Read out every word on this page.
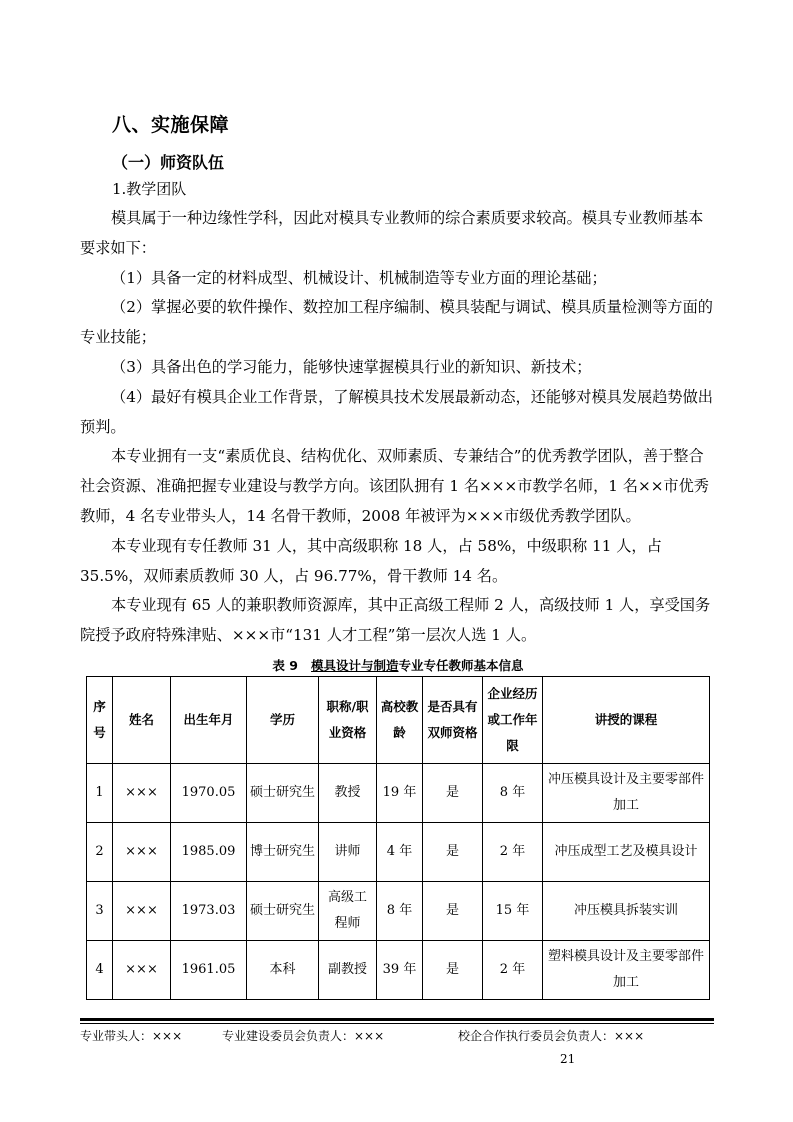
八、实施保障
（一）师资队伍
1.教学团队

模具属于一种边缘性学科，因此对模具专业教师的综合素质要求较高。模具专业教师基本要求如下：

（1）具备一定的材料成型、机械设计、机械制造等专业方面的理论基础；

（2）掌握必要的软件操作、数控加工程序编制、模具装配与调试、模具质量检测等方面的专业技能；

（3）具备出色的学习能力，能够快速掌握模具行业的新知识、新技术；

（4）最好有模具企业工作背景，了解模具技术发展最新动态，还能够对模具发展趋势做出预判。

本专业拥有一支“素质优良、结构优化、双师素质、专兼结合”的优秀教学团队，善于整合社会资源、准确把握专业建设与教学方向。该团队拥有 1 名×××市教学名师，1 名××市优秀教师，4 名专业带头人，14 名骨干教师，2008 年被评为×××市级优秀教学团队。

本专业现有专任教师 31 人，其中高级职称 18 人，占 58%，中级职称 11 人，占 35.5%，双师素质教师 30 人，占 96.77%，骨干教师 14 名。

本专业现有 65 人的兼职教师资源库，其中正高级工程师 2 人，高级技师 1 人，享受国务院授予政府特殊津贴、×××市“131 人才工程”第一层次人选 1 人。

表 9   模具设计与制造专业专任教师基本信息
序号	姓名	出生年月	学历	职称/职业资格	高校教龄	是否具有双师资格	企业经历或工作年限	讲授的课程
1	×××	1970.05	硕士研究生	教授	19 年	是	8 年	冲压模具设计及主要零部件加工
2	×××	1985.09	博士研究生	讲师	4 年	是	2 年	冲压成型工艺及模具设计
3	×××	1973.03	硕士研究生	高级工程师	8 年	是	15 年	冲压模具拆装实训
4	×××	1961.05	本科	副教授	39 年	是	2 年	塑料模具设计及主要零部件加工
专业带头人：×××	专业建设委员会负责人：×××	校企合作执行委员会负责人：×××
21
